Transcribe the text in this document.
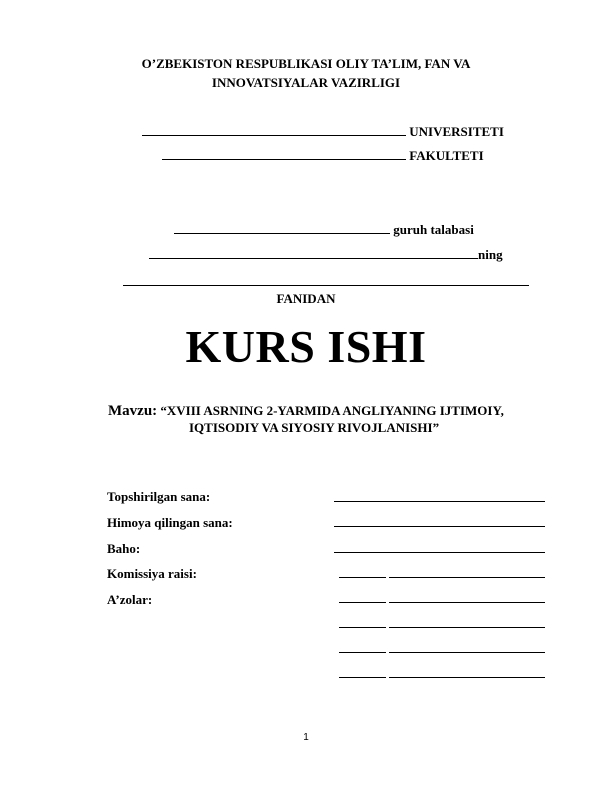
O’ZBEKISTON RESPUBLIKASI OLIY TA’LIM, FAN VA
INNOVATSIYALAR VAZIRLIGI
UNIVERSITETI
FAKULTETI
guruh talabasi
ning
FANIDAN
KURS ISHI
Mavzu: “XVIII ASRNING 2-YARMIDA ANGLIYANING IJTIMOIY,
IQTISODIY VA SIYOSIY RIVOJLANISHI”
Topshirilgan sana:
Himoya qilingan sana:
Baho:
Komissiya raisi:
A’zolar:
1
